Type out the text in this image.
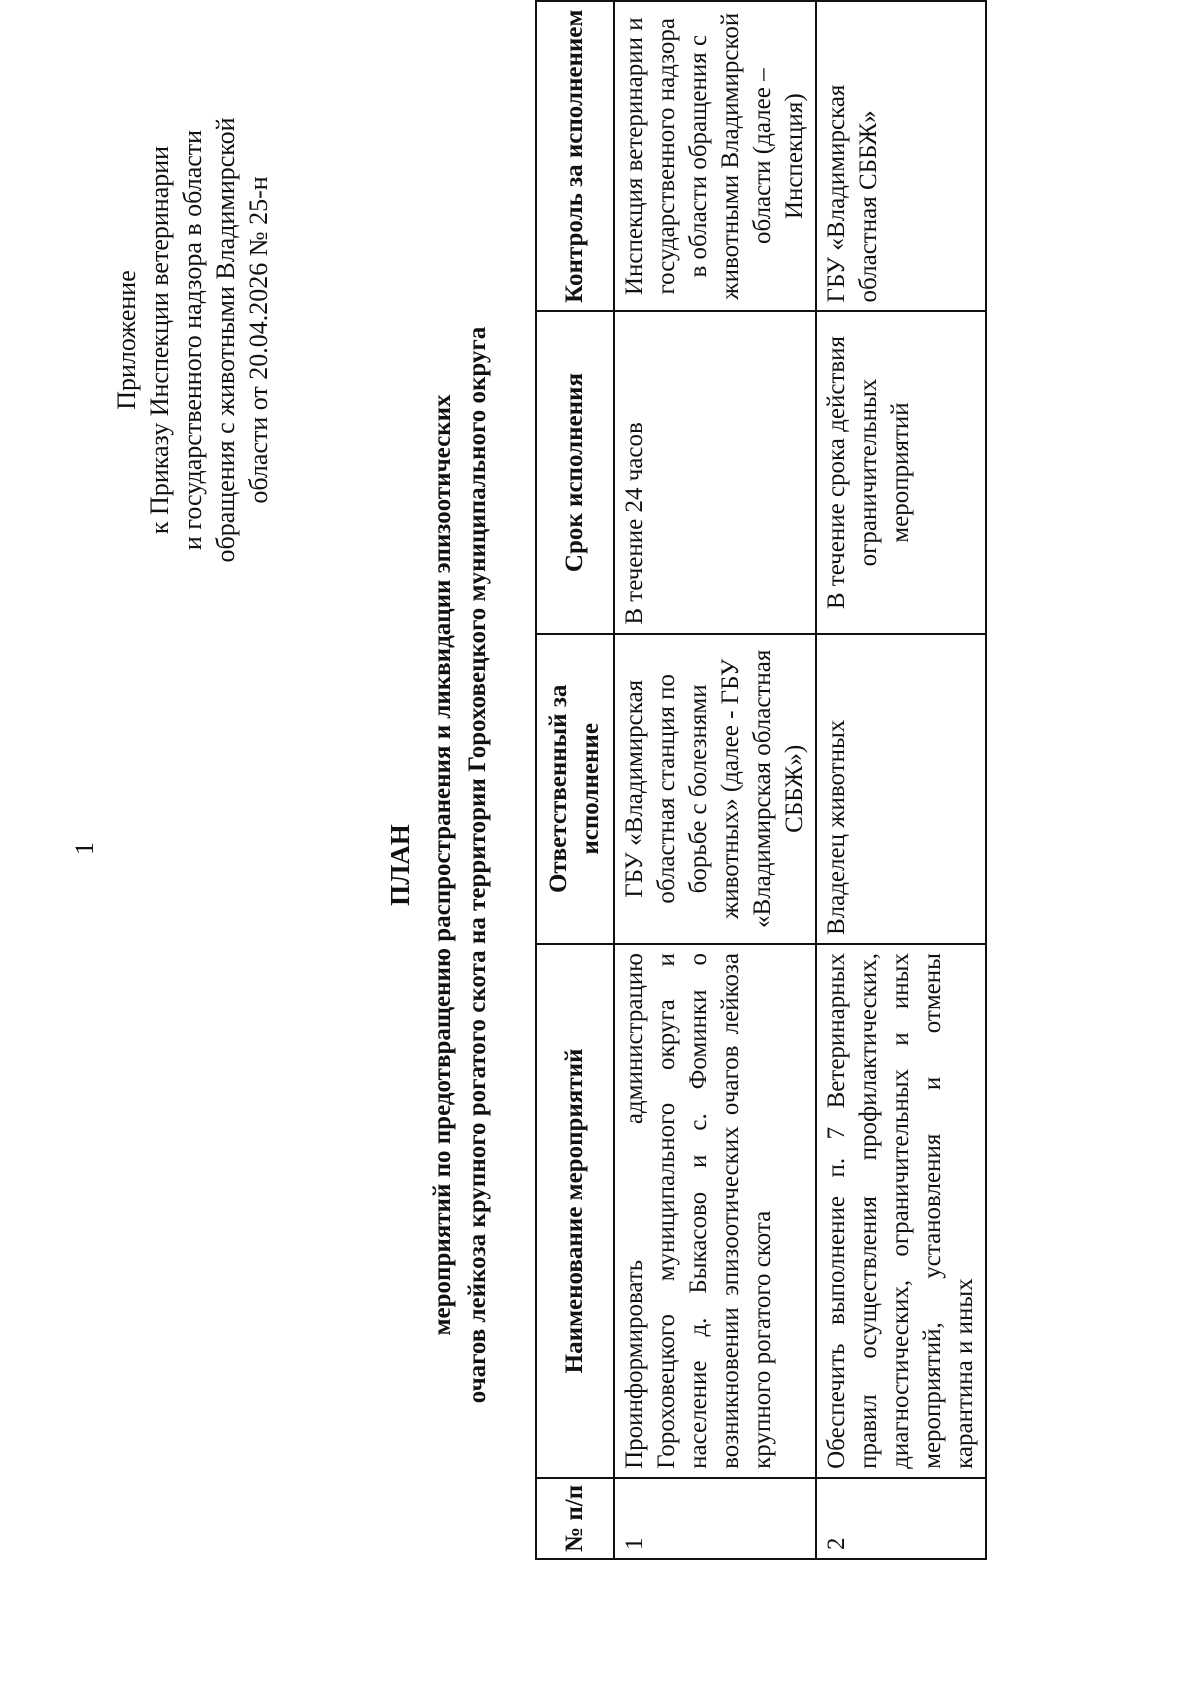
1
Приложение к Приказу Инспекции ветеринарии и государственного надзора в области обращения с животными Владимирской области от 20.04.2026 № 25-н
ПЛАН мероприятий по предотвращению распространения и ликвидации эпизоотических очагов лейкоза крупного рогатого скота на территории Гороховецкого муниципального округа
№ п/п	Наименование мероприятий	Ответственный за исполнение	Срок исполнения	Контроль за исполнением
1	Проинформировать администрацию Гороховецкого муниципального округа и население д. Быкасово и с. Фоминки о возникновении эпизоотических очагов лейкоза крупного рогатого скота	ГБУ «Владимирская областная станция по борьбе с болезнями животных» (далее - ГБУ «Владимирская областная СББЖ»)	В течение 24 часов	Инспекция ветеринарии и государственного надзора в области обращения с животными Владимирской области (далее – Инспекция)
2	Обеспечить выполнение п. 7 Ветеринарных правил осуществления профилактических, диагностических, ограничительных и иных мероприятий, установления и отмены карантина и иных	Владелец животных	В течение срока действия ограничительных мероприятий	ГБУ «Владимирская областная СББЖ»
